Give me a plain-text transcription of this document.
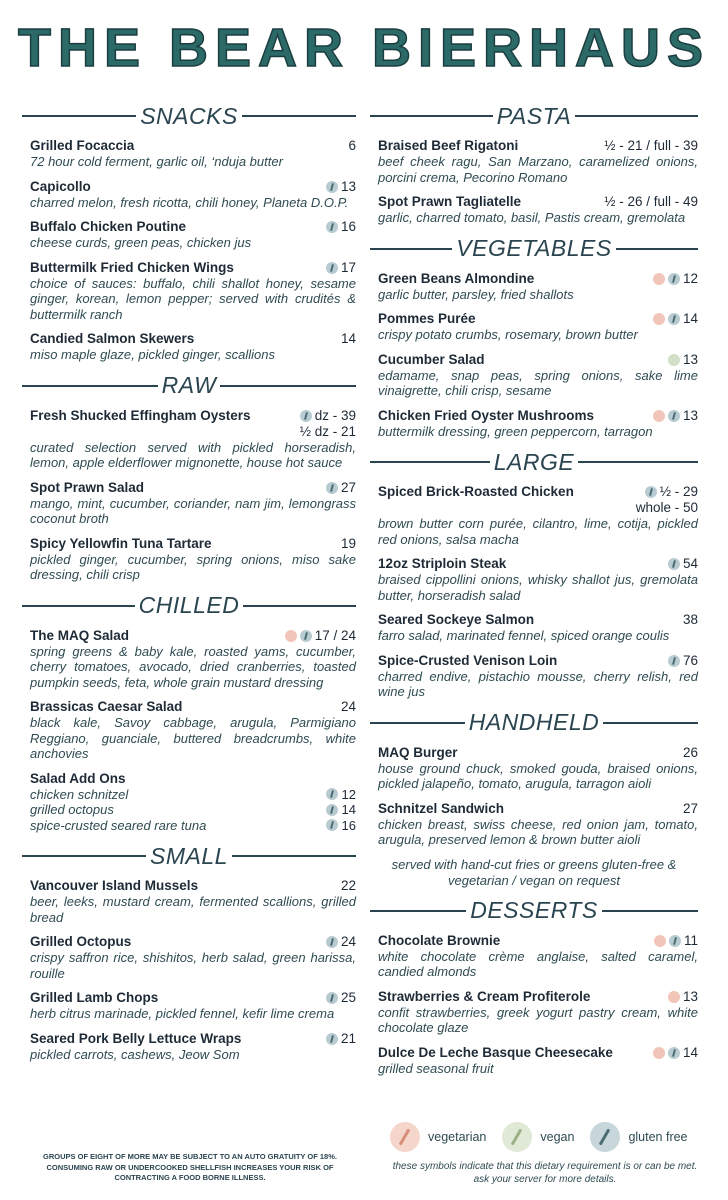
THE BEAR BIERHAUS
SNACKS
Grilled Focaccia	6
72 hour cold ferment, garlic oil, ‘nduja butter
Capicollo	13
charred melon, fresh ricotta, chili honey, Planeta D.O.P.
Buffalo Chicken Poutine	16
cheese curds, green peas, chicken jus
Buttermilk Fried Chicken Wings	17
choice of sauces: buffalo, chili shallot honey, sesame ginger, korean, lemon pepper; served with crudités & buttermilk ranch
Candied Salmon Skewers	14
miso maple glaze, pickled ginger, scallions
RAW
Fresh Shucked Effingham Oysters	dz - 39
½ dz - 21
curated selection served with pickled horseradish, lemon, apple elderflower mignonette, house hot sauce
Spot Prawn Salad	27
mango, mint, cucumber, coriander, nam jim, lemongrass coconut broth
Spicy Yellowfin Tuna Tartare	19
pickled ginger, cucumber, spring onions, miso sake dressing, chili crisp
CHILLED
The MAQ Salad	17 / 24
spring greens & baby kale, roasted yams, cucumber, cherry tomatoes, avocado, dried cranberries, toasted pumpkin seeds, feta, whole grain mustard dressing
Brassicas Caesar Salad	24
black kale, Savoy cabbage, arugula, Parmigiano Reggiano, guanciale, buttered breadcrumbs, white anchovies
Salad Add Ons
chicken schnitzel	12
grilled octopus	14
spice-crusted seared rare tuna	16
SMALL
Vancouver Island Mussels	22
beer, leeks, mustard cream, fermented scallions, grilled bread
Grilled Octopus	24
crispy saffron rice, shishitos, herb salad, green harissa, rouille
Grilled Lamb Chops	25
herb citrus marinade, pickled fennel, kefir lime crema
Seared Pork Belly Lettuce Wraps	21
pickled carrots, cashews, Jeow Som
PASTA
Braised Beef Rigatoni	½ - 21 / full - 39
beef cheek ragu, San Marzano, caramelized onions, porcini crema, Pecorino Romano
Spot Prawn Tagliatelle	½ - 26 / full - 49
garlic, charred tomato, basil, Pastis cream, gremolata
VEGETABLES
Green Beans Almondine	12
garlic butter, parsley, fried shallots
Pommes Purée	14
crispy potato crumbs, rosemary, brown butter
Cucumber Salad	13
edamame, snap peas, spring onions, sake lime vinaigrette, chili crisp, sesame
Chicken Fried Oyster Mushrooms	13
buttermilk dressing, green peppercorn, tarragon
LARGE
Spiced Brick-Roasted Chicken	½ - 29
whole - 50
brown butter corn purée, cilantro, lime, cotija, pickled red onions, salsa macha
12oz Striploin Steak	54
braised cippollini onions, whisky shallot jus, gremolata butter, horseradish salad
Seared Sockeye Salmon	38
farro salad, marinated fennel, spiced orange coulis
Spice-Crusted Venison Loin	76
charred endive, pistachio mousse, cherry relish, red wine jus
HANDHELD
MAQ Burger	26
house ground chuck, smoked gouda, braised onions, pickled jalapeño, tomato, arugula, tarragon aioli
Schnitzel Sandwich	27
chicken breast, swiss cheese, red onion jam, tomato, arugula, preserved lemon & brown butter aioli
served with hand-cut fries or greens gluten-free & vegetarian / vegan on request
DESSERTS
Chocolate Brownie	11
white chocolate crème anglaise, salted caramel, candied almonds
Strawberries & Cream Profiterole	13
confit strawberries, greek yogurt pastry cream, white chocolate glaze
Dulce De Leche Basque Cheesecake	14
grilled seasonal fruit
GROUPS OF EIGHT OF MORE MAY BE SUBJECT TO AN AUTO GRATUITY OF 18%. CONSUMING RAW OR UNDERCOOKED SHELLFISH INCREASES YOUR RISK OF CONTRACTING A FOOD BORNE ILLNESS.
vegetarian	vegan	gluten free
these symbols indicate that this dietary requirement is or can be met. ask your server for more details.
